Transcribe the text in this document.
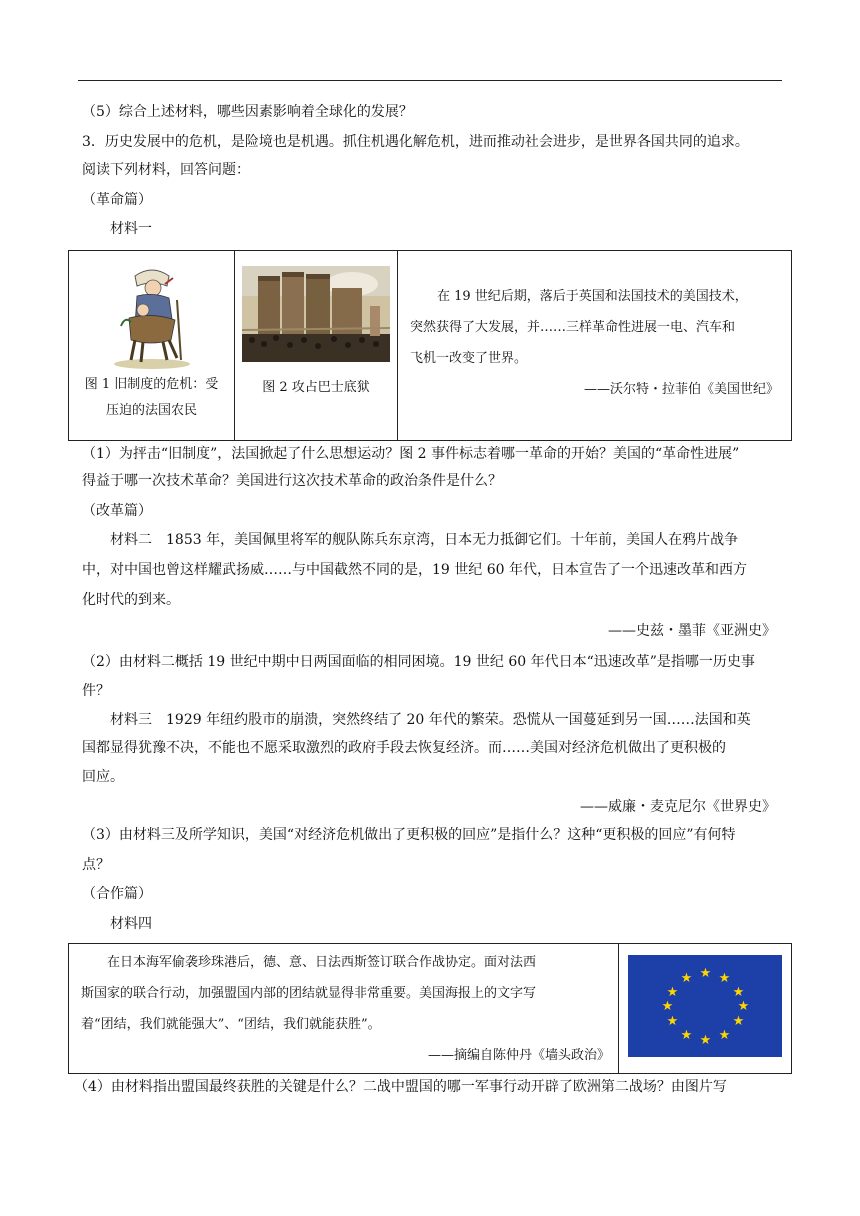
（5）综合上述材料，哪些因素影响着全球化的发展？
3．历史发展中的危机，是险境也是机遇。抓住机遇化解危机，进而推动社会进步，是世界各国共同的追求。
阅读下列材料，回答问题：
（革命篇）
材料一
图 1 旧制度的危机：受
压迫的法国农民

图 2 攻占巴士底狱

在 19 世纪后期，落后于英国和法国技术的美国技术，
突然获得了大发展，并……三样革命性进展一电、汽车和
飞机一改变了世界。
——沃尔特・拉菲伯《美国世纪》
（1）为抨击“旧制度”，法国掀起了什么思想运动？图 2 事件标志着哪一革命的开始？美国的“革命性进展”
得益于哪一次技术革命？美国进行这次技术革命的政治条件是什么？
（改革篇）
材料二　1853 年，美国佩里将军的舰队陈兵东京湾，日本无力抵御它们。十年前，美国人在鸦片战争
中，对中国也曾这样耀武扬威……与中国截然不同的是，19 世纪 60 年代，日本宣告了一个迅速改革和西方
化时代的到来。
——史兹・墨菲《亚洲史》
（2）由材料二概括 19 世纪中期中日两国面临的相同困境。19 世纪 60 年代日本“迅速改革”是指哪一历史事
件？
材料三　1929 年纽约股市的崩溃，突然终结了 20 年代的繁荣。恐慌从一国蔓延到另一国……法国和英
国都显得犹豫不决，不能也不愿采取激烈的政府手段去恢复经济。而……美国对经济危机做出了更积极的
回应。
——威廉・麦克尼尔《世界史》
（3）由材料三及所学知识，美国“对经济危机做出了更积极的回应”是指什么？这种“更积极的回应”有何特
点？
（合作篇）
材料四
在日本海军偷袭珍珠港后，德、意、日法西斯签订联合作战协定。面对法西
斯国家的联合行动，加强盟国内部的团结就显得非常重要。美国海报上的文字写
着“团结，我们就能强大”、“团结，我们就能获胜”。
——摘编自陈仲丹《墙头政治》

★ ★
★
★
★
★
★
★
★
★
★
★
（4）由材料指出盟国最终获胜的关键是什么？二战中盟国的哪一军事行动开辟了欧洲第二战场？由图片写
